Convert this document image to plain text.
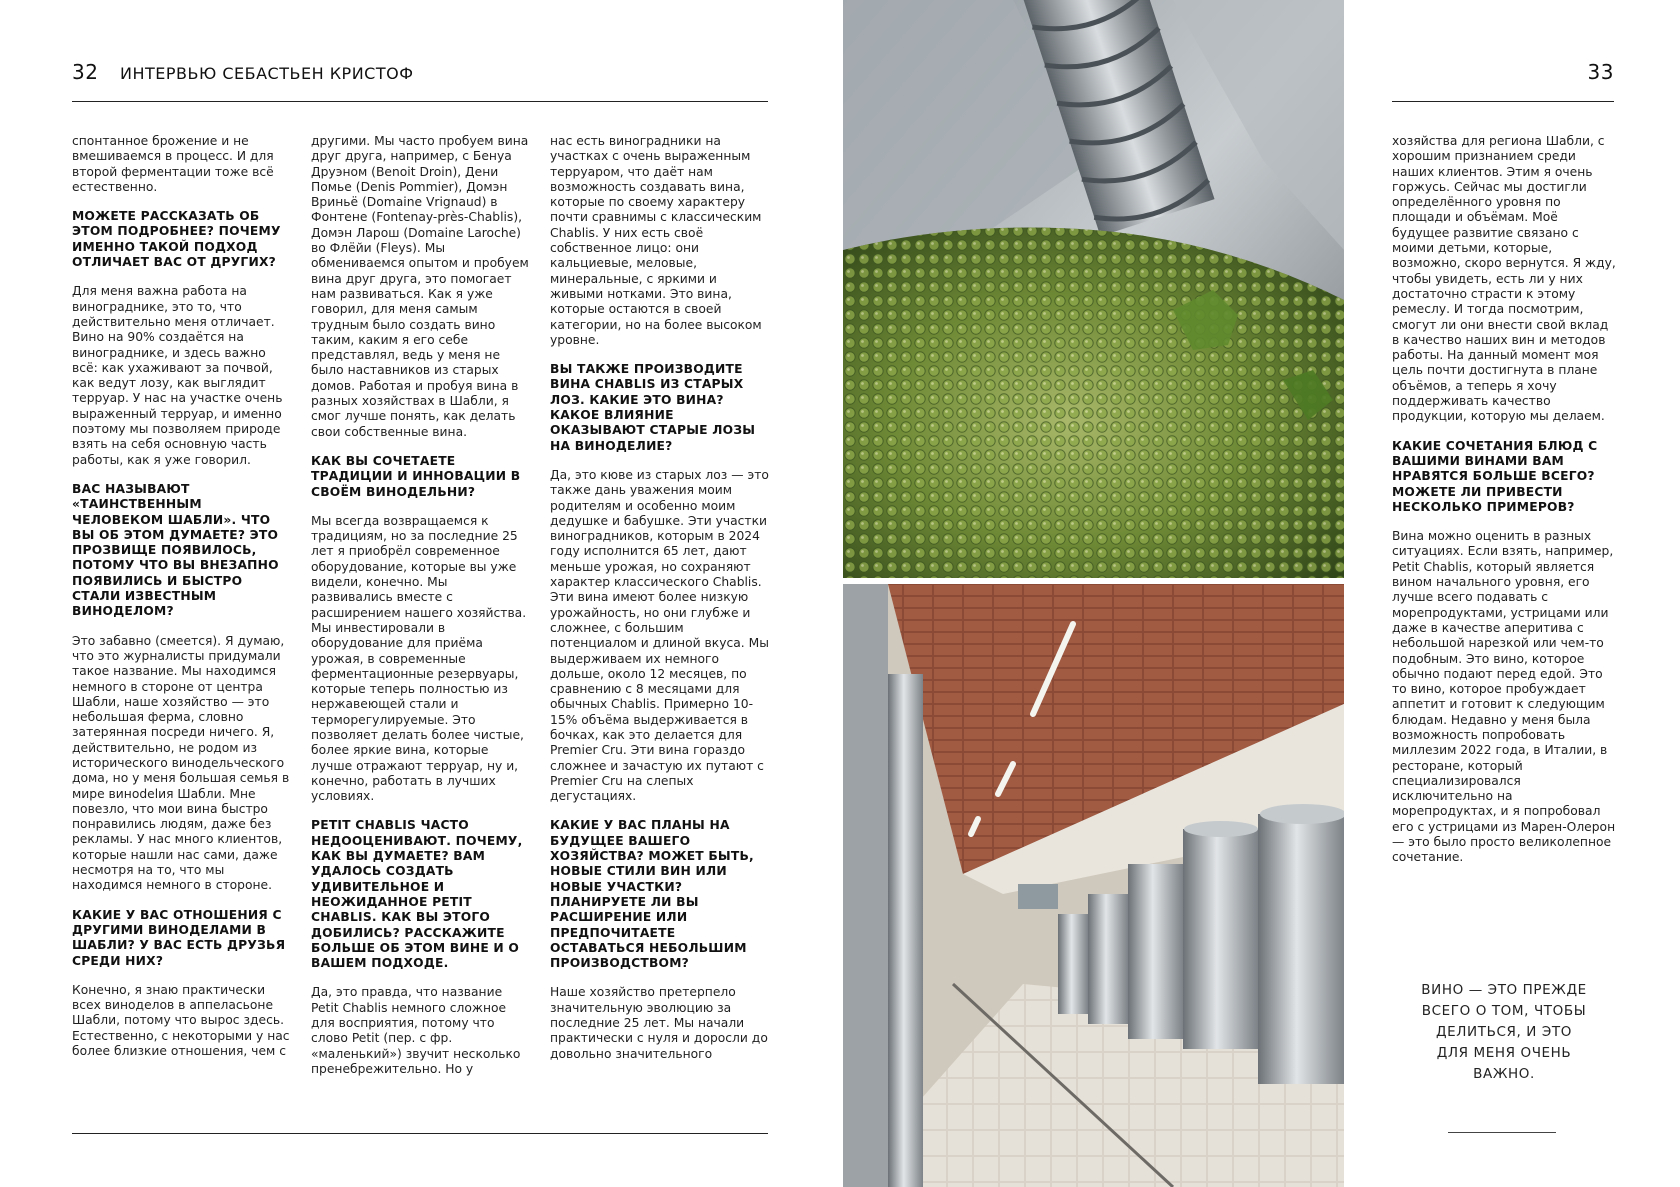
32 ИНТЕРВЬЮ СЕБАСТЬЕН КРИСТОФ

спонтанное брожение и не вмешиваемся в процесс. И для второй ферментации тоже всё естественно.

МОЖЕТЕ РАССКАЗАТЬ ОБ ЭТОМ ПОДРОБНЕЕ? ПОЧЕМУ ИМЕННО ТАКОЙ ПОДХОД ОТЛИЧАЕТ ВАС ОТ ДРУГИХ?

Для меня важна работа на винограднике, это то, что действительно меня отличает. Вино на 90% создаётся на винограднике, и здесь важно всё: как ухаживают за почвой, как ведут лозу, как выглядит терруар. У нас на участке очень выраженный терруар, и именно поэтому мы позволяем природе взять на себя основную часть работы, как я уже говорил.

ВАС НАЗЫВАЮТ «ТАИНСТВЕННЫМ ЧЕЛОВЕКОМ ШАБЛИ». ЧТО ВЫ ОБ ЭТОМ ДУМАЕТЕ? ЭТО ПРОЗВИЩЕ ПОЯВИЛОСЬ, ПОТОМУ ЧТО ВЫ ВНЕЗАПНО ПОЯВИЛИСЬ И БЫСТРО СТАЛИ ИЗВЕСТНЫМ ВИНОДЕЛОМ?

Это забавно (смеется). Я думаю, что это журналисты придумали такое название. Мы находимся немного в стороне от центра Шабли, наше хозяйство — это небольшая ферма, словно затерянная посреди ничего. Я, действительно, не родом из исторического винодельческого дома, но у меня большая семья в мире винodelия Шабли. Мне повезло, что мои вина быстро понравились людям, даже без рекламы. У нас много клиентов, которые нашли нас сами, даже несмотря на то, что мы находимся немного в стороне.

КАКИЕ У ВАС ОТНОШЕНИЯ С ДРУГИМИ ВИНОДЕЛАМИ В ШАБЛИ? У ВАС ЕСТЬ ДРУЗЬЯ СРЕДИ НИХ?

Конечно, я знаю практически всех виноделов в аппеласьоне Шабли, потому что вырос здесь. Естественно, с некоторыми у нас более близкие отношения, чем с

другими. Мы часто пробуем вина друг друга, например, с Бенуа Друэном (Benoit Droin), Дени Помье (Denis Pommier), Домэн Вриньё (Domaine Vrignaud) в Фонтене (Fontenay-près-Chablis), Домэн Ларош (Domaine Laroche) во Флёйи (Fleys). Мы обмениваемся опытом и пробуем вина друг друга, это помогает нам развиваться. Как я уже говорил, для меня самым трудным было создать вино таким, каким я его себе представлял, ведь у меня не было наставников из старых домов. Работая и пробуя вина в разных хозяйствах в Шабли, я смог лучше понять, как делать свои собственные вина.

КАК ВЫ СОЧЕТАЕТЕ ТРАДИЦИИ И ИННОВАЦИИ В СВОЁМ ВИНОДЕЛЬНИ?

Мы всегда возвращаемся к традициям, но за последние 25 лет я приобрёл современное оборудование, которые вы уже видели, конечно. Мы развивались вместе с расширением нашего хозяйства. Мы инвестировали в оборудование для приёма урожая, в современные ферментационные резервуары, которые теперь полностью из нержавеющей стали и терморегулируемые. Это позволяет делать более чистые, более яркие вина, которые лучше отражают терруар, ну и, конечно, работать в лучших условиях.

PETIT CHABLIS ЧАСТО НЕДООЦЕНИВАЮТ. ПОЧЕМУ, КАК ВЫ ДУМАЕТЕ? ВАМ УДАЛОСЬ СОЗДАТЬ УДИВИТЕЛЬНОЕ И НЕОЖИДАННОЕ PETIT CHABLIS. КАК ВЫ ЭТОГО ДОБИЛИСЬ? РАССКАЖИТЕ БОЛЬШЕ ОБ ЭТОМ ВИНЕ И О ВАШЕМ ПОДХОДЕ.

Да, это правда, что название Petit Chablis немного сложное для восприятия, потому что слово Petit (пер. с фр. «маленький») звучит несколько пренебрежительно. Но у

нас есть виноградники на участках с очень выраженным терруаром, что даёт нам возможность создавать вина, которые по своему характеру почти сравнимы с классическим Chablis. У них есть своё собственное лицо: они кальциевые, меловые, минеральные, с яркими и живыми нотками. Это вина, которые остаются в своей категории, но на более высоком уровне.

ВЫ ТАКЖЕ ПРОИЗВОДИТЕ ВИНА CHABLIS ИЗ СТАРЫХ ЛОЗ. КАКИЕ ЭТО ВИНА? КАКОЕ ВЛИЯНИЕ ОКАЗЫВАЮТ СТАРЫЕ ЛОЗЫ НА ВИНОДЕЛИЕ?

Да, это кюве из старых лоз — это также дань уважения моим родителям и особенно моим дедушке и бабушке. Эти участки виноградников, которым в 2024 году исполнится 65 лет, дают меньше урожая, но сохраняют характер классического Chablis. Эти вина имеют более низкую урожайность, но они глубже и сложнее, с большим потенциалом и длиной вкуса. Мы выдерживаем их немного дольше, около 12 месяцев, по сравнению с 8 месяцами для обычных Chablis. Примерно 10-15% объёма выдерживается в бочках, как это делается для Premier Cru. Эти вина гораздо сложнее и зачастую их путают с Premier Cru на слепых дегустациях.

КАКИЕ У ВАС ПЛАНЫ НА БУДУЩЕЕ ВАШЕГО ХОЗЯЙСТВА? МОЖЕТ БЫТЬ, НОВЫЕ СТИЛИ ВИН ИЛИ НОВЫЕ УЧАСТКИ? ПЛАНИРУЕТЕ ЛИ ВЫ РАСШИРЕНИЕ ИЛИ ПРЕДПОЧИТАЕТЕ ОСТАВАТЬСЯ НЕБОЛЬШИМ ПРОИЗВОДСТВОМ?

Наше хозяйство претерпело значительную эволюцию за последние 25 лет. Мы начали практически с нуля и доросли до довольно значительного

33

хозяйства для региона Шабли, с хорошим признанием среди наших клиентов. Этим я очень горжусь. Сейчас мы достигли определённого уровня по площади и объёмам. Моё будущее развитие связано с моими детьми, которые, возможно, скоро вернутся. Я жду, чтобы увидеть, есть ли у них достаточно страсти к этому ремеслу. И тогда посмотрим, смогут ли они внести свой вклад в качество наших вин и методов работы. На данный момент моя цель почти достигнута в плане объёмов, а теперь я хочу поддерживать качество продукции, которую мы делаем.

КАКИЕ СОЧЕТАНИЯ БЛЮД С ВАШИМИ ВИНАМИ ВАМ НРАВЯТСЯ БОЛЬШЕ ВСЕГО? МОЖЕТЕ ЛИ ПРИВЕСТИ НЕСКОЛЬКО ПРИМЕРОВ?

Вина можно оценить в разных ситуациях. Если взять, например, Petit Chablis, который является вином начального уровня, его лучше всего подавать с морепродуктами, устрицами или даже в качестве аперитива с небольшой нарезкой или чем-то подобным. Это вино, которое обычно подают перед едой. Это то вино, которое пробуждает аппетит и готовит к следующим блюдам. Недавно у меня была возможность попробовать миллезим 2022 года, в Италии, в ресторане, который специализировался исключительно на морепродуктах, и я попробовал его с устрицами из Марен-Олерон — это было просто великолепное сочетание.

ВИНО — ЭТО ПРЕЖДЕ ВСЕГО О ТОМ, ЧТОБЫ ДЕЛИТЬСЯ, И ЭТО ДЛЯ МЕНЯ ОЧЕНЬ ВАЖНО.
